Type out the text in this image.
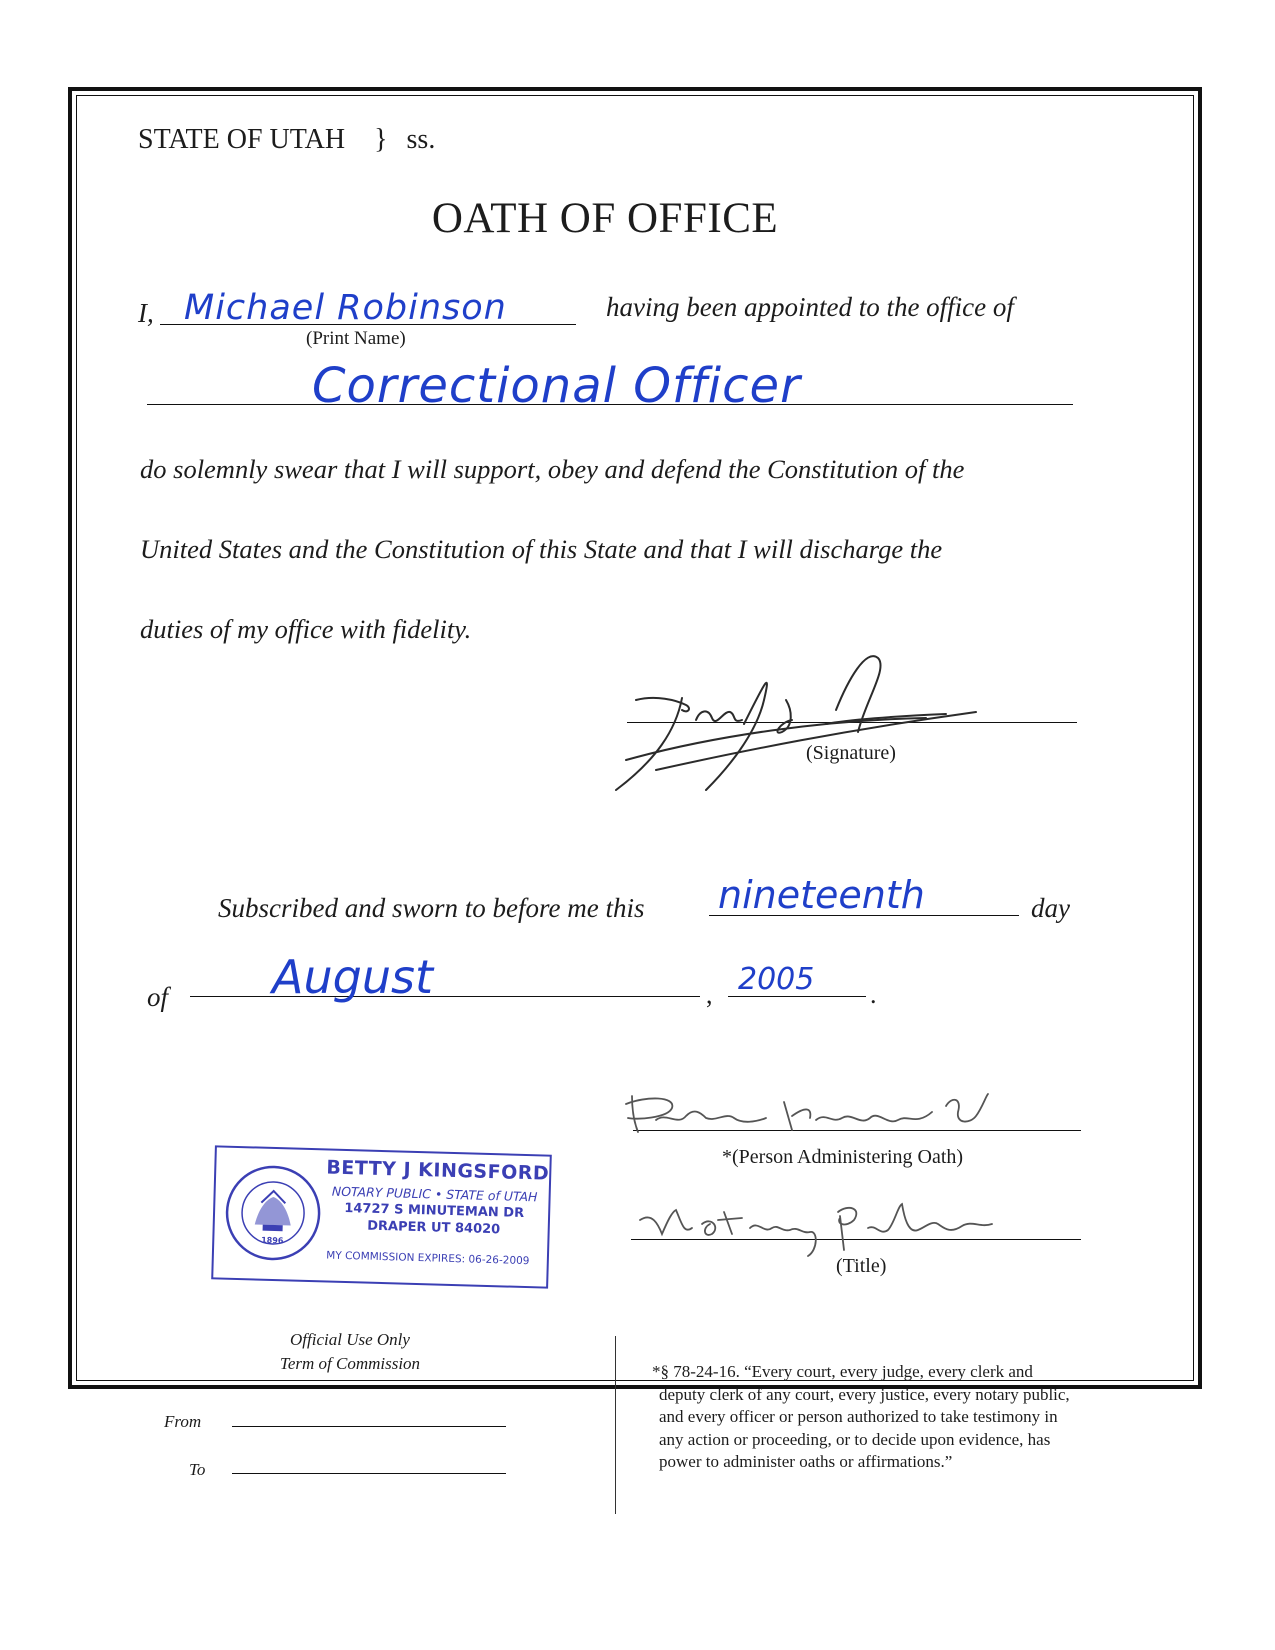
STATE OF UTAH } ss.
OATH OF OFFICE
I, Michael Robinson
(Print Name)
having been appointed to the office of
Correctional Officer
do solemnly swear that I will support, obey and defend the Constitution of the
United States and the Constitution of this State and that I will discharge the
duties of my office with fidelity.
(Signature)
Subscribed and sworn to before me this nineteenth	day
of August	, 2005 .
1896
BETTY J KINGSFORD
NOTARY PUBLIC • STATE of UTAH
14727 S MINUTEMAN DR
DRAPER UT 84020
MY COMMISSION EXPIRES: 06-26-2009
*(Person Administering Oath)
(Title)
Official Use Only
Term of Commission
From
To
*§ 78-24-16. “Every court, every judge, every clerk and
deputy clerk of any court, every justice, every notary public,
and every officer or person authorized to take testimony in
any action or proceeding, or to decide upon evidence, has
power to administer oaths or affirmations.”
